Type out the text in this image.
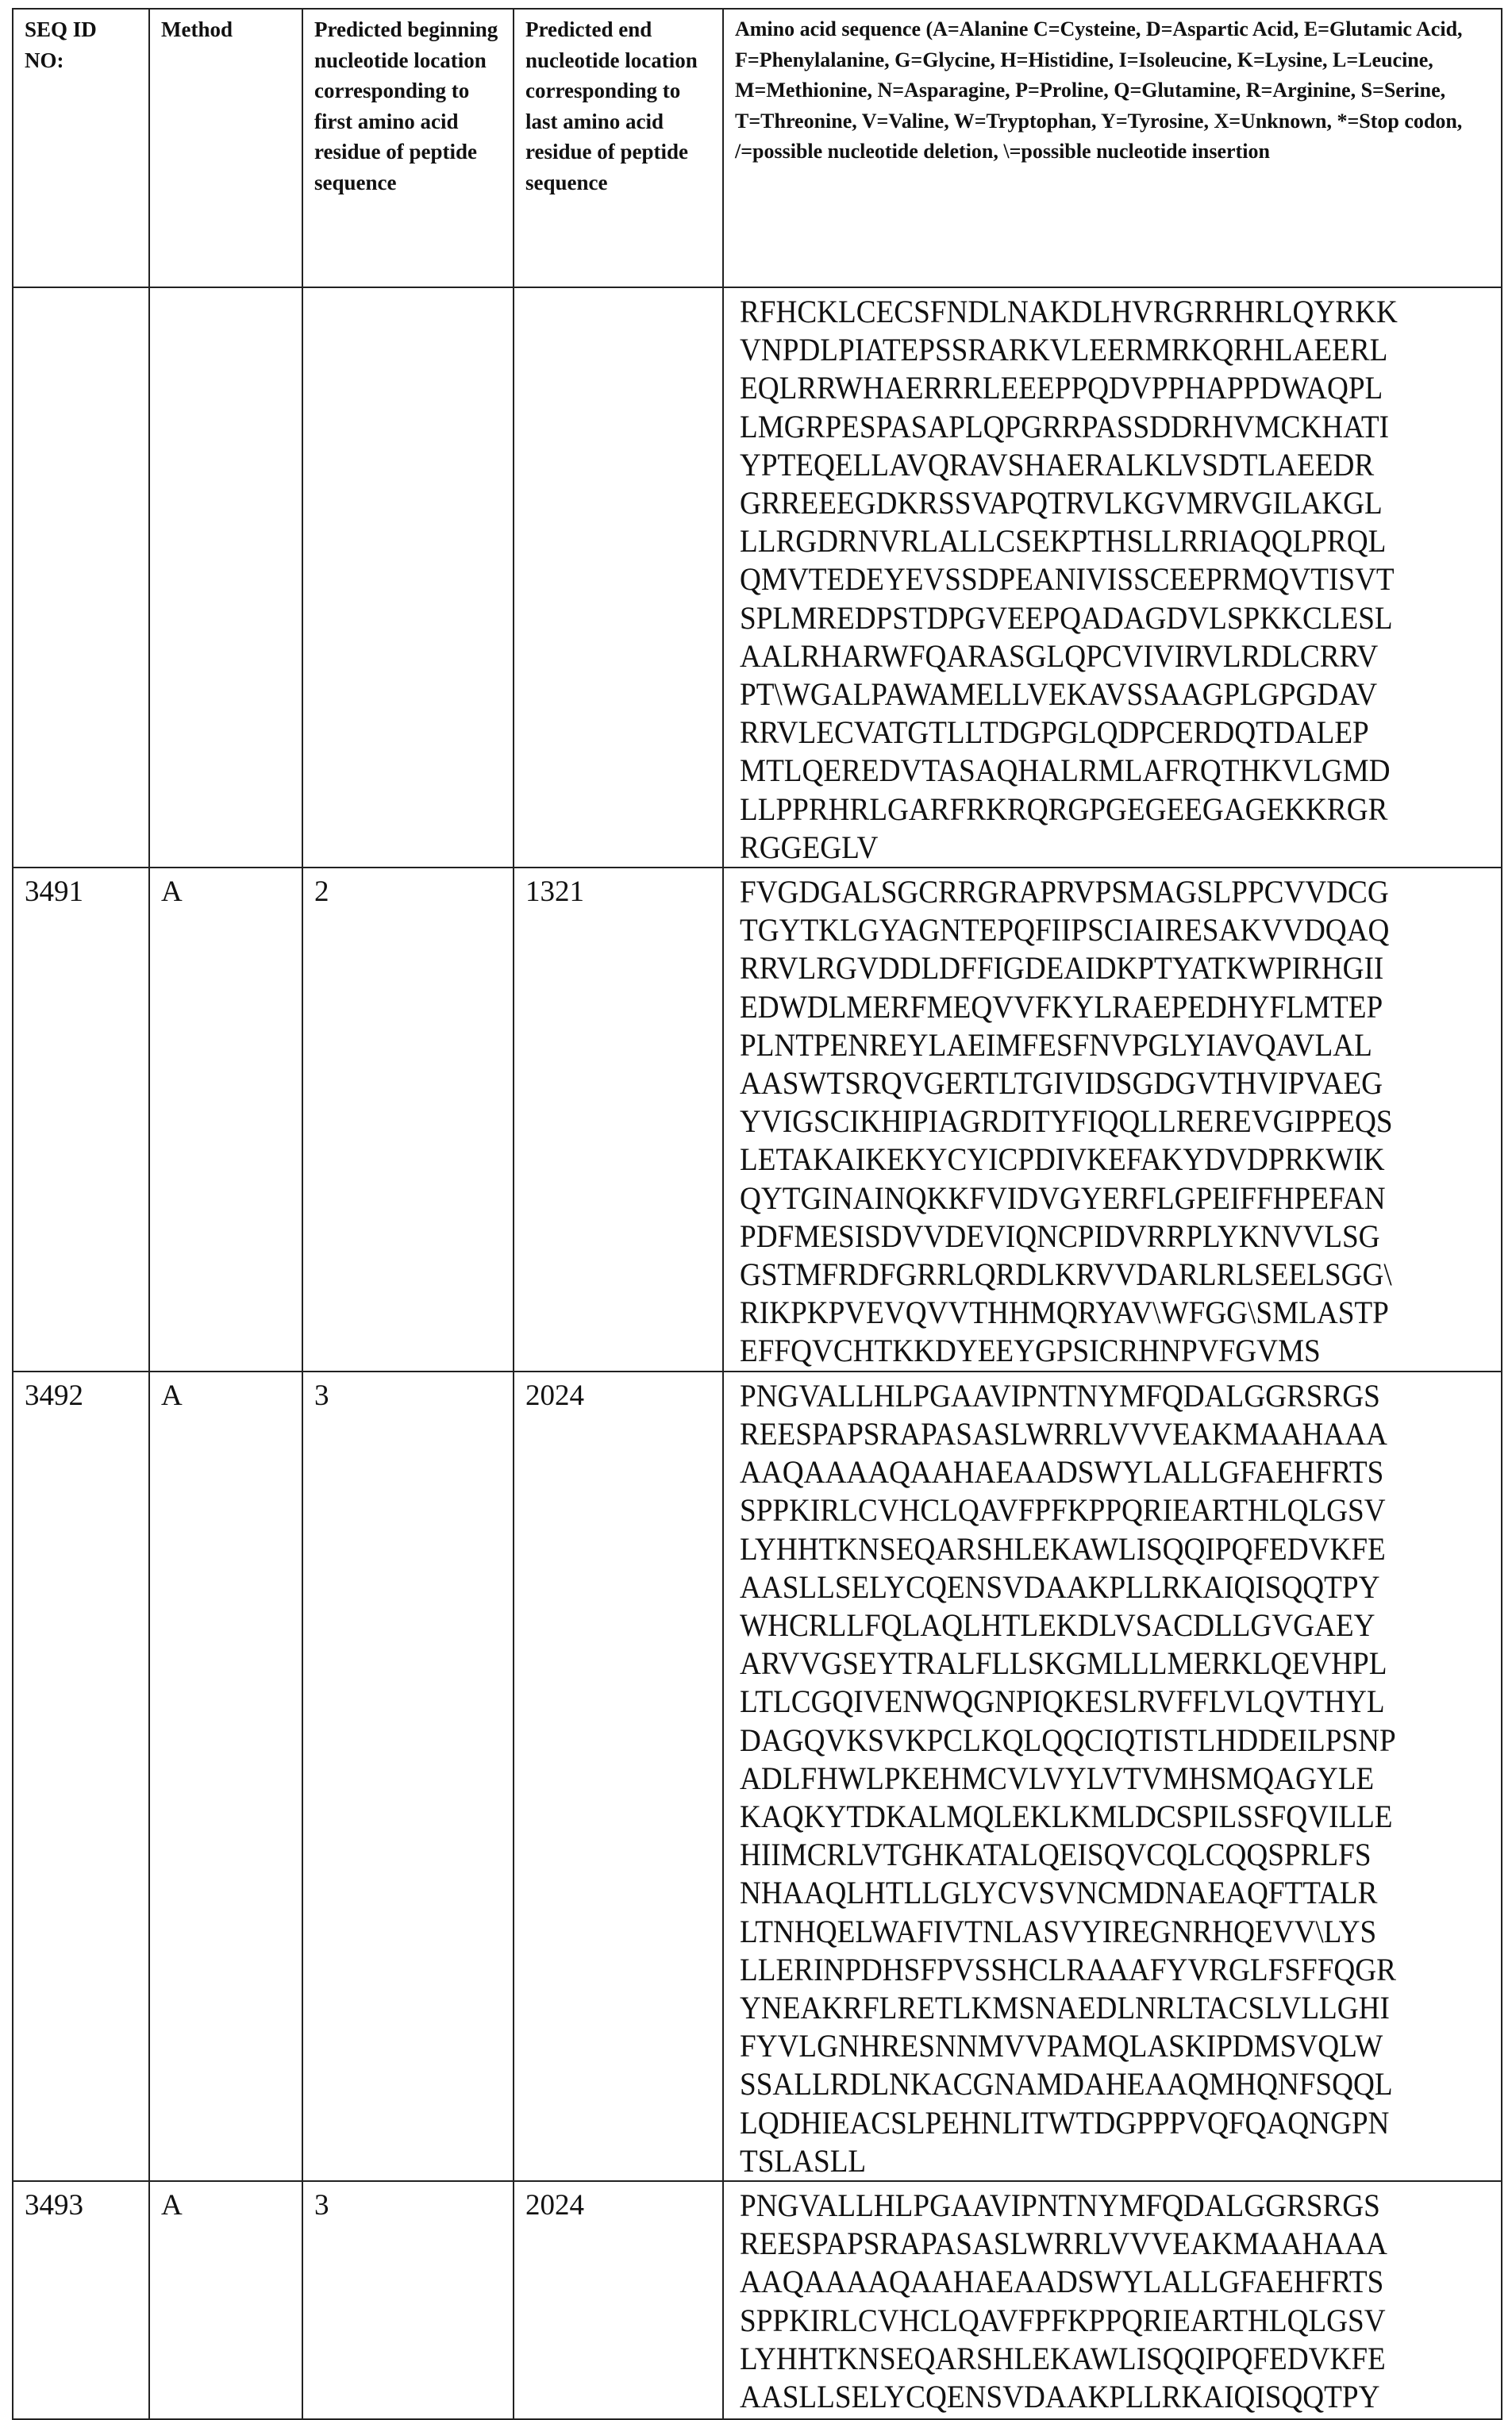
SEQ ID NO:	Method	Predicted beginning nucleotide location corresponding to first amino acid residue of peptide sequence	Predicted end nucleotide location corresponding to last amino acid residue of peptide sequence	Amino acid sequence (A=Alanine C=Cysteine, D=Aspartic Acid, E=Glutamic Acid, F=Phenylalanine, G=Glycine, H=Histidine, I=Isoleucine, K=Lysine, L=Leucine, M=Methionine, N=Asparagine, P=Proline, Q=Glutamine, R=Arginine, S=Serine, T=Threonine, V=Valine, W=Tryptophan, Y=Tyrosine, X=Unknown, *=Stop codon, /=possible nucleotide deletion, \=possible nucleotide insertion

RFHCKLCECSFNDLNAKDLHVRGRRHRLQYRKK
VNPDLPIATEPSSRARKVLEERMRKQRHLAEERL
EQLRRWHAERRRLEEEPPQDVPPHAPPDWAQPL
LMGRPESPASAPLQPGRRPASSDDRHVMCKHATI
YPTEQELLAVQRAVSHAERALKLVSDTLAEEDR
GRREEEGDKRSSVAPQTRVLKGVMRVGILAKGL
LLRGDRNVRLALLCSEKPTHSLLRRIAQQLPRQL
QMVTEDEYEVSSDPEANIVISSCEEPRMQVTISVT
SPLMREDPSTDPGVEEPQADAGDVLSPKKCLESL
AALRHARWFQARASGLQPCVIVIRVLRDLCRRV
PT\WGALPAWAMELLVEKAVSSAAGPLGPGDAV
RRVLECVATGTLLTDGPGLQDPCERDQTDALEP
MTLQEREDVTASAQHALRMLAFRQTHKVLGMD
LLPPRHRLGARFRKRQRGPGEGEEGAGEKKRGR
RGGEGLV

3491	A	2	1321	FVGDGALSGCRRGRAPRVPSMAGSLPPCVVDCG
TGYTKLGYAGNTEPQFIIPSCIAIRESAKVVDQAQ
RRVLRGVDDLDFFIGDEAIDKPTYATKWPIRHGII
EDWDLMERFMEQVVFKYLRAEPEDHYFLMTEP
PLNTPENREYLAEIMFESFNVPGLYIAVQAVLAL
AASWTSRQVGERTLTGIVIDSGDGVTHVIPVAEG
YVIGSCIKHIPIAGRDITYFIQQLLREREVGIPPEQS
LETAKAIKEKYCYICPDIVKEFAKYDVDPRKWIK
QYTGINAINQKKFVIDVGYERFLGPEIFFHPEFAN
PDFMESISDVVDEVIQNCPIDVRRPLYKNVVLSG
GSTMFRDFGRRLQRDLKRVVDARLRLSEELSGG\
RIKPKPVEVQVVTHHMQRYAV\WFGG\SMLASTP
EFFQVCHTKKDYEEYGPSICRHNPVFGVMS

3492	A	3	2024	PNGVALLHLPGAAVIPNTNYMFQDALGGRSRGS
REESPAPSRAPASASLWRRLVVVEAKMAAHAAA
AAQAAAAQAAHAEAADSWYLALLGFAEHFRTS
SPPKIRLCVHCLQAVFPFKPPQRIEARTHLQLGSV
LYHHTKNSEQARSHLEKAWLISQQIPQFEDVKFE
AASLLSELYCQENSVDAAKPLLRKAIQISQQTPY
WHCRLLFQLAQLHTLEKDLVSACDLLGVGAEY
ARVVGSEYTRALFLLSKGMLLLMERKLQEVHPL
LTLCGQIVENWQGNPIQKESLRVFFLVLQVTHYL
DAGQVKSVKPCLKQLQQCIQTISTLHDDEILPSNP
ADLFHWLPKEHMCVLVYLVTVMHSMQAGYLE
KAQKYTDKALMQLEKLKMLDCSPILSSFQVILLE
HIIMCRLVTGHKATALQEISQVCQLCQQSPRLFS
NHAAQLHTLLGLYCVSVNCMDNAEAQFTTALR
LTNHQELWAFIVTNLASVYIREGNRHQEVV\LYS
LLERINPDHSFPVSSHCLRAAAFYVRGLFSFFQGR
YNEAKRFLRETLKMSNAEDLNRLTACSLVLLGHI
FYVLGNHRESNNMVVPAMQLASKIPDMSVQLW
SSALLRDLNKACGNAMDAHEAAQMHQNFSQQL
LQDHIEACSLPEHNLITWTDGPPPVQFQAQNGPN
TSLASLL

3493	A	3	2024	PNGVALLHLPGAAVIPNTNYMFQDALGGRSRGS
REESPAPSRAPASASLWRRLVVVEAKMAAHAAA
AAQAAAAQAAHAEAADSWYLALLGFAEHFRTS
SPPKIRLCVHCLQAVFPFKPPQRIEARTHLQLGSV
LYHHTKNSEQARSHLEKAWLISQQIPQFEDVKFE
AASLLSELYCQENSVDAAKPLLRKAIQISQQTPY
